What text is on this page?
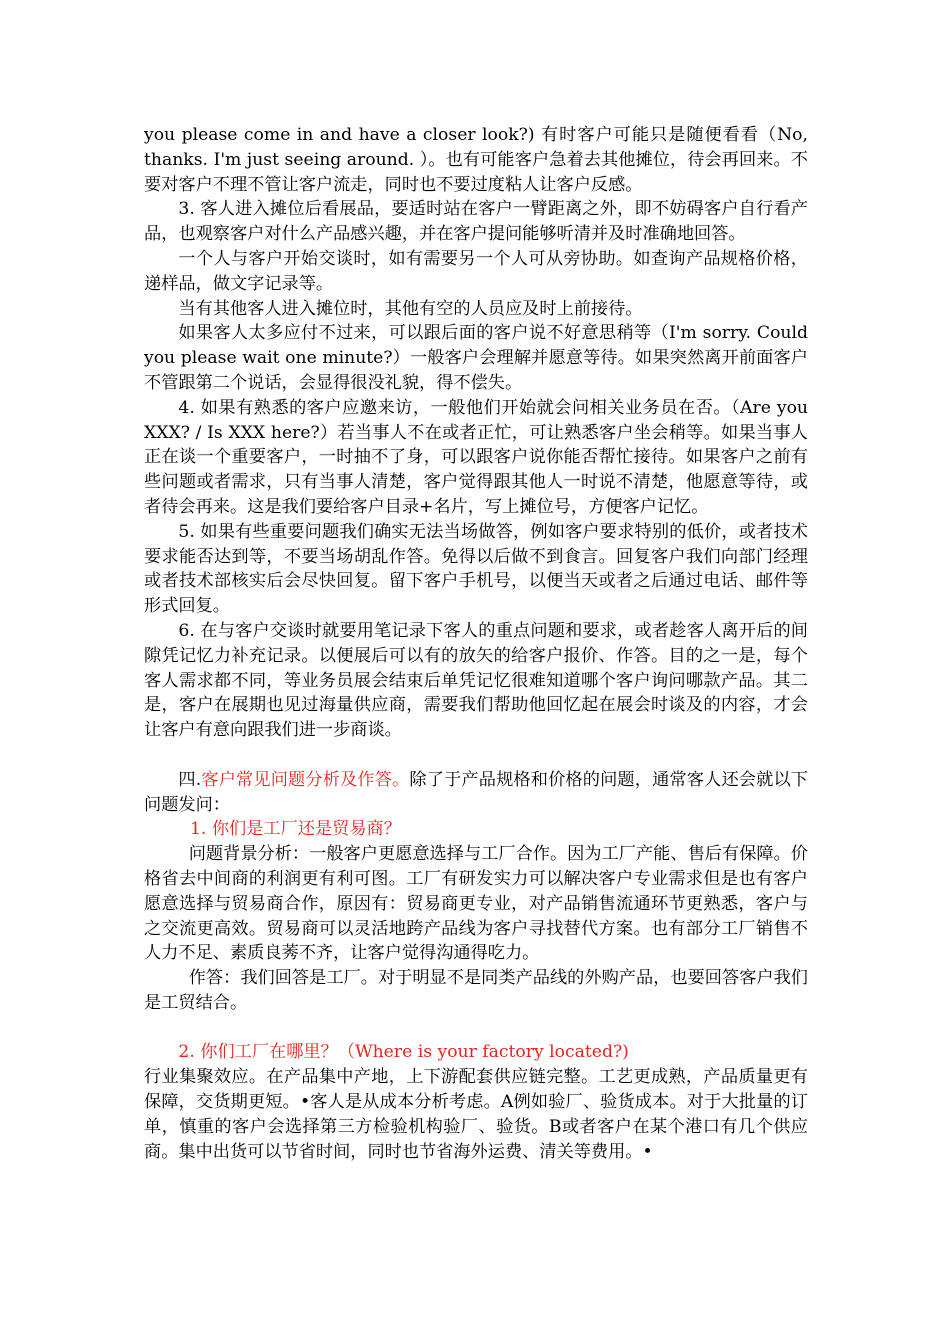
you please come in and have a closer look?) 有时客户可能只是随便看看（No, thanks. I'm just seeing around. ）。也有可能客户急着去其他摊位，待会再回来。不要对客户不理不管让客户流走，同时也不要过度粘人让客户反感。

3. 客人进入摊位后看展品，要适时站在客户一臂距离之外，即不妨碍客户自行看产品，也观察客户对什么产品感兴趣，并在客户提问能够听清并及时准确地回答。

一个人与客户开始交谈时，如有需要另一个人可从旁协助。如查询产品规格价格，递样品，做文字记录等。

当有其他客人进入摊位时，其他有空的人员应及时上前接待。

如果客人太多应付不过来，可以跟后面的客户说不好意思稍等（I'm sorry. Could you please wait one minute?）一般客户会理解并愿意等待。如果突然离开前面客户不管跟第二个说话，会显得很没礼貌，得不偿失。

4. 如果有熟悉的客户应邀来访，一般他们开始就会问相关业务员在否。（Are you XXX? / Is XXX here?）若当事人不在或者正忙，可让熟悉客户坐会稍等。如果当事人正在谈一个重要客户，一时抽不了身，可以跟客户说你能否帮忙接待。如果客户之前有些问题或者需求，只有当事人清楚，客户觉得跟其他人一时说不清楚，他愿意等待，或者待会再来。这是我们要给客户目录+名片，写上摊位号，方便客户记忆。

5. 如果有些重要问题我们确实无法当场做答，例如客户要求特别的低价，或者技术要求能否达到等，不要当场胡乱作答。免得以后做不到食言。回复客户我们向部门经理或者技术部核实后会尽快回复。留下客户手机号，以便当天或者之后通过电话、邮件等形式回复。

6. 在与客户交谈时就要用笔记录下客人的重点问题和要求，或者趁客人离开后的间隙凭记忆力补充记录。以便展后可以有的放矢的给客户报价、作答。目的之一是，每个客人需求都不同，等业务员展会结束后单凭记忆很难知道哪个客户询问哪款产品。其二是，客户在展期也见过海量供应商，需要我们帮助他回忆起在展会时谈及的内容，才会让客户有意向跟我们进一步商谈。

四.客户常见问题分析及作答。除了于产品规格和价格的问题，通常客人还会就以下问题发问：

1. 你们是工厂还是贸易商？

问题背景分析：一般客户更愿意选择与工厂合作。因为工厂产能、售后有保障。价格省去中间商的利润更有利可图。工厂有研发实力可以解决客户专业需求但是也有客户愿意选择与贸易商合作，原因有：贸易商更专业，对产品销售流通环节更熟悉，客户与之交流更高效。贸易商可以灵活地跨产品线为客户寻找替代方案。也有部分工厂销售不人力不足、素质良莠不齐，让客户觉得沟通得吃力。

作答：我们回答是工厂。对于明显不是同类产品线的外购产品，也要回答客户我们是工贸结合。

2. 你们工厂在哪里？（Where is your factory located?)

行业集聚效应。在产品集中产地，上下游配套供应链完整。工艺更成熟，产品质量更有保障，交货期更短。•客人是从成本分析考虑。A例如验厂、验货成本。对于大批量的订单，慎重的客户会选择第三方检验机构验厂、验货。B或者客户在某个港口有几个供应商。集中出货可以节省时间，同时也节省海外运费、清关等费用。•
